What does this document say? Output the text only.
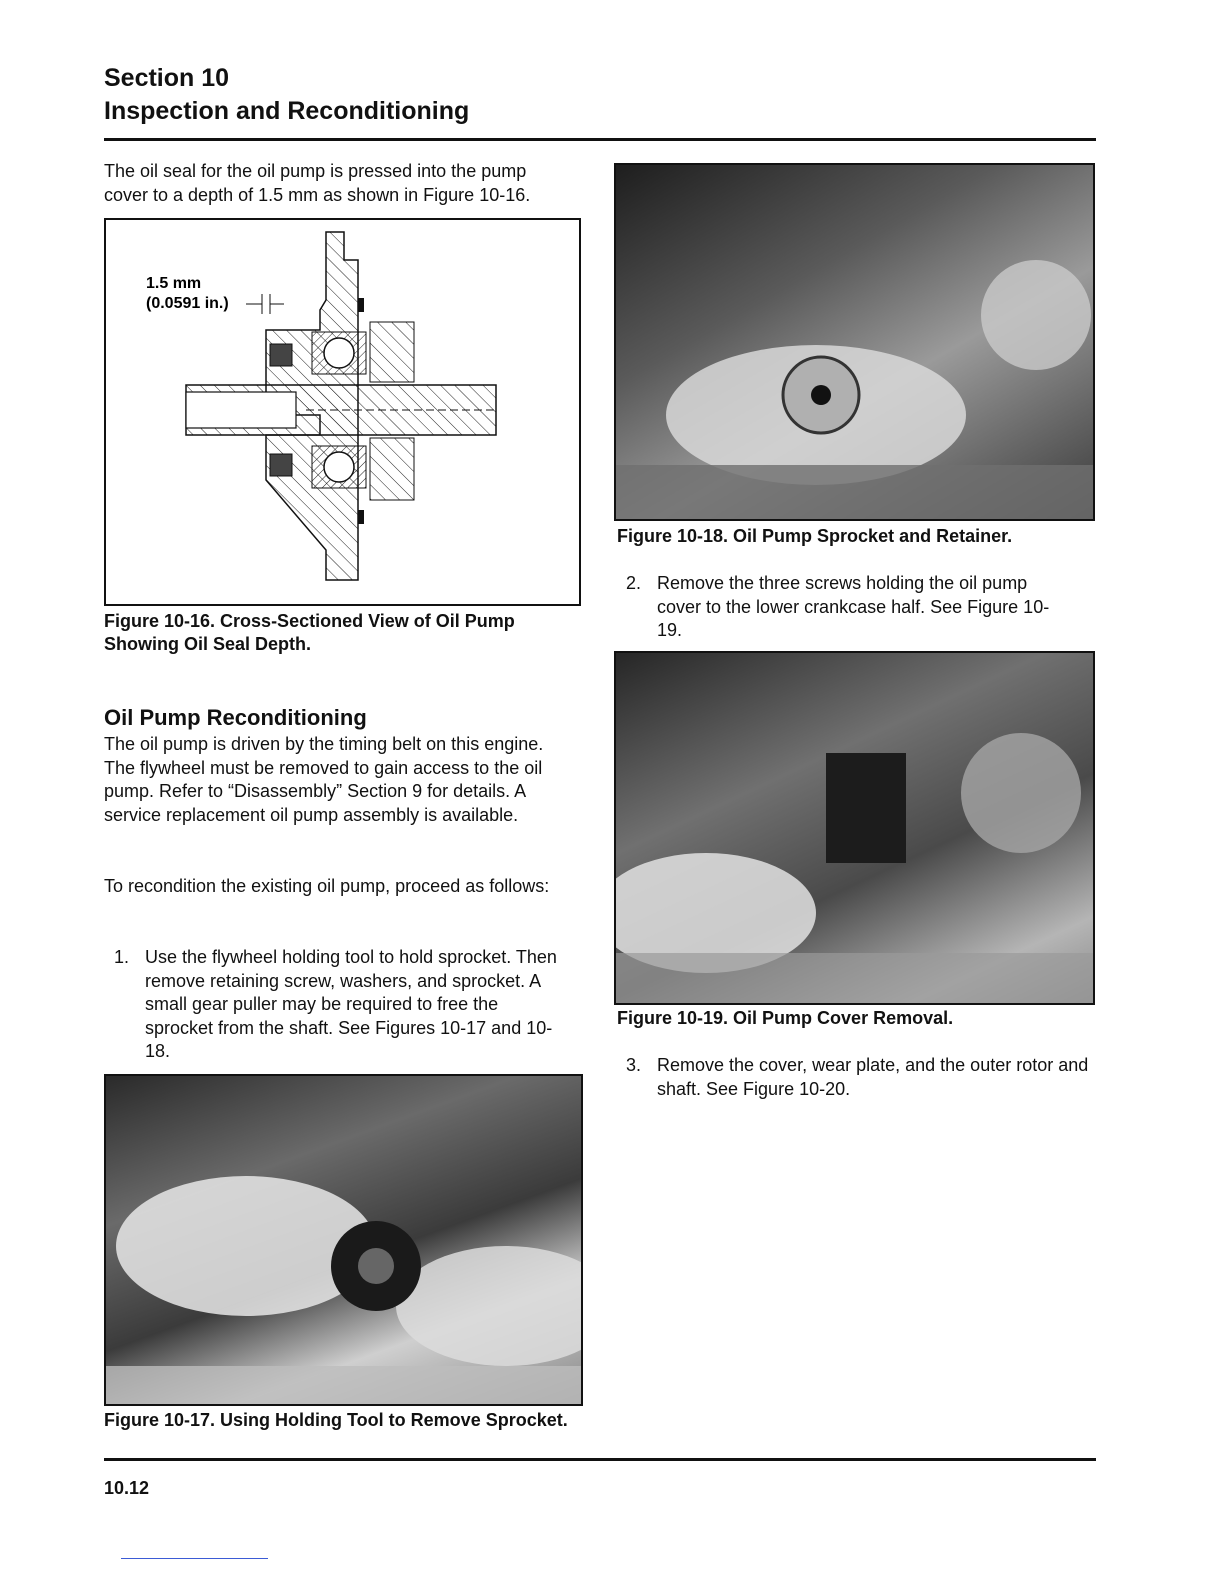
Section 10
Inspection and Reconditioning
The oil seal for the oil pump is pressed into the pump cover to a depth of 1.5 mm as shown in Figure 10-16.
1.5 mm
(0.0591 in.)
Figure 10-16. Cross-Sectioned View of Oil Pump Showing Oil Seal Depth.
Oil Pump Reconditioning
The oil pump is driven by the timing belt on this engine. The flywheel must be removed to gain access to the oil pump. Refer to “Disassembly” Section 9 for details. A service replacement oil pump assembly is available.
To recondition the existing oil pump, proceed as follows:
1. Use the flywheel holding tool to hold sprocket. Then remove retaining screw, washers, and sprocket. A small gear puller may be required to free the sprocket from the shaft. See Figures 10-17 and 10-18.
Figure 10-17. Using Holding Tool to Remove Sprocket.
Figure 10-18. Oil Pump Sprocket and Retainer.
2. Remove the three screws holding the oil pump cover to the lower crankcase half. See Figure 10-19.
Figure 10-19. Oil Pump Cover Removal.
3. Remove the cover, wear plate, and the outer rotor and shaft. See Figure 10-20.
10.12
